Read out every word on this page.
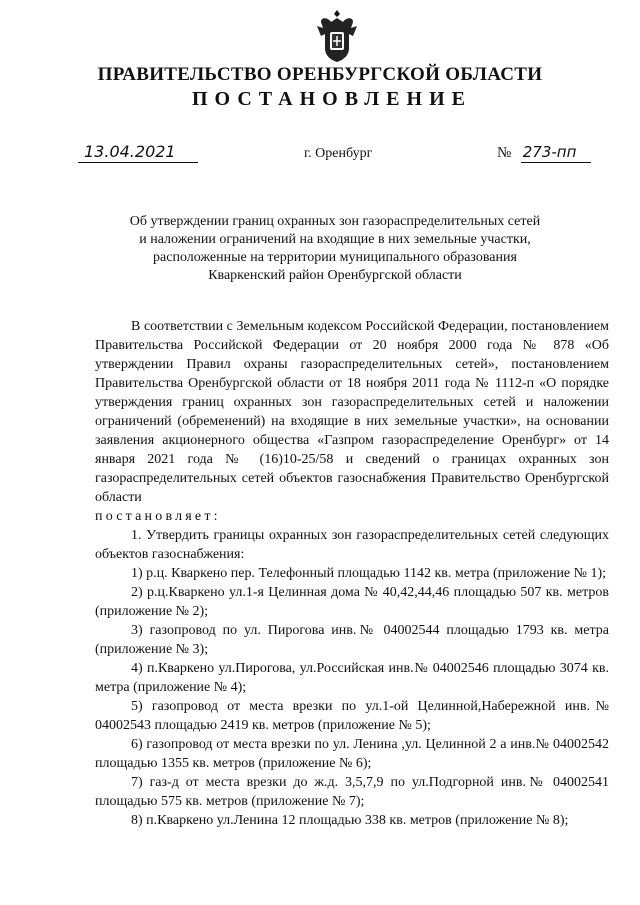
ПРАВИТЕЛЬСТВО ОРЕНБУРГСКОЙ ОБЛАСТИ
ПОСТАНОВЛЕНИЕ
13.04.2021	г. Оренбург	№ 273-пп
Об утверждении границ охранных зон газораспределительных сетей
и наложении ограничений на входящие в них земельные участки,
расположенные на территории муниципального образования
Кваркенский район Оренбургской области

В соответствии с Земельным кодексом Российской Федерации, постановлением Правительства Российской Федерации от 20 ноября 2000 года № 878 «Об утверждении Правил охраны газораспределительных сетей», постановлением Правительства Оренбургской области от 18 ноября 2011 года № 1112-п «О порядке утверждения границ охранных зон газораспределительных сетей и наложении ограничений (обременений) на входящие в них земельные участки», на основании заявления акционерного общества «Газпром газораспределение Оренбург» от 14 января 2021 года № (16)10-25/58 и сведений о границах охранных зон газораспределительных сетей объектов газоснабжения Правительство Оренбургской области

постановляет:

1. Утвердить границы охранных зон газораспределительных сетей следующих объектов газоснабжения:

1) р.ц. Кваркено пер. Телефонный площадью 1142 кв. метра (приложение № 1);

2) р.ц.Кваркено ул.1-я Целинная дома № 40,42,44,46 площадью 507 кв. метров (приложение № 2);

3) газопровод по ул. Пирогова инв.№ 04002544 площадью 1793 кв. метра (приложение № 3);

4) п.Кваркено ул.Пирогова, ул.Российская инв.№ 04002546 площадью 3074 кв. метра (приложение № 4);

5) газопровод от места врезки по ул.1-ой Целинной,Набережной инв.№ 04002543 площадью 2419 кв. метров (приложение № 5);

6) газопровод от места врезки по ул. Ленина ,ул. Целинной 2 а инв.№ 04002542 площадью 1355 кв. метров (приложение № 6);

7) газ-д от места врезки до ж.д. 3,5,7,9 по ул.Подгорной инв.№ 04002541 площадью 575 кв. метров (приложение № 7);

8) п.Кваркено ул.Ленина 12 площадью 338 кв. метров (приложение № 8);
